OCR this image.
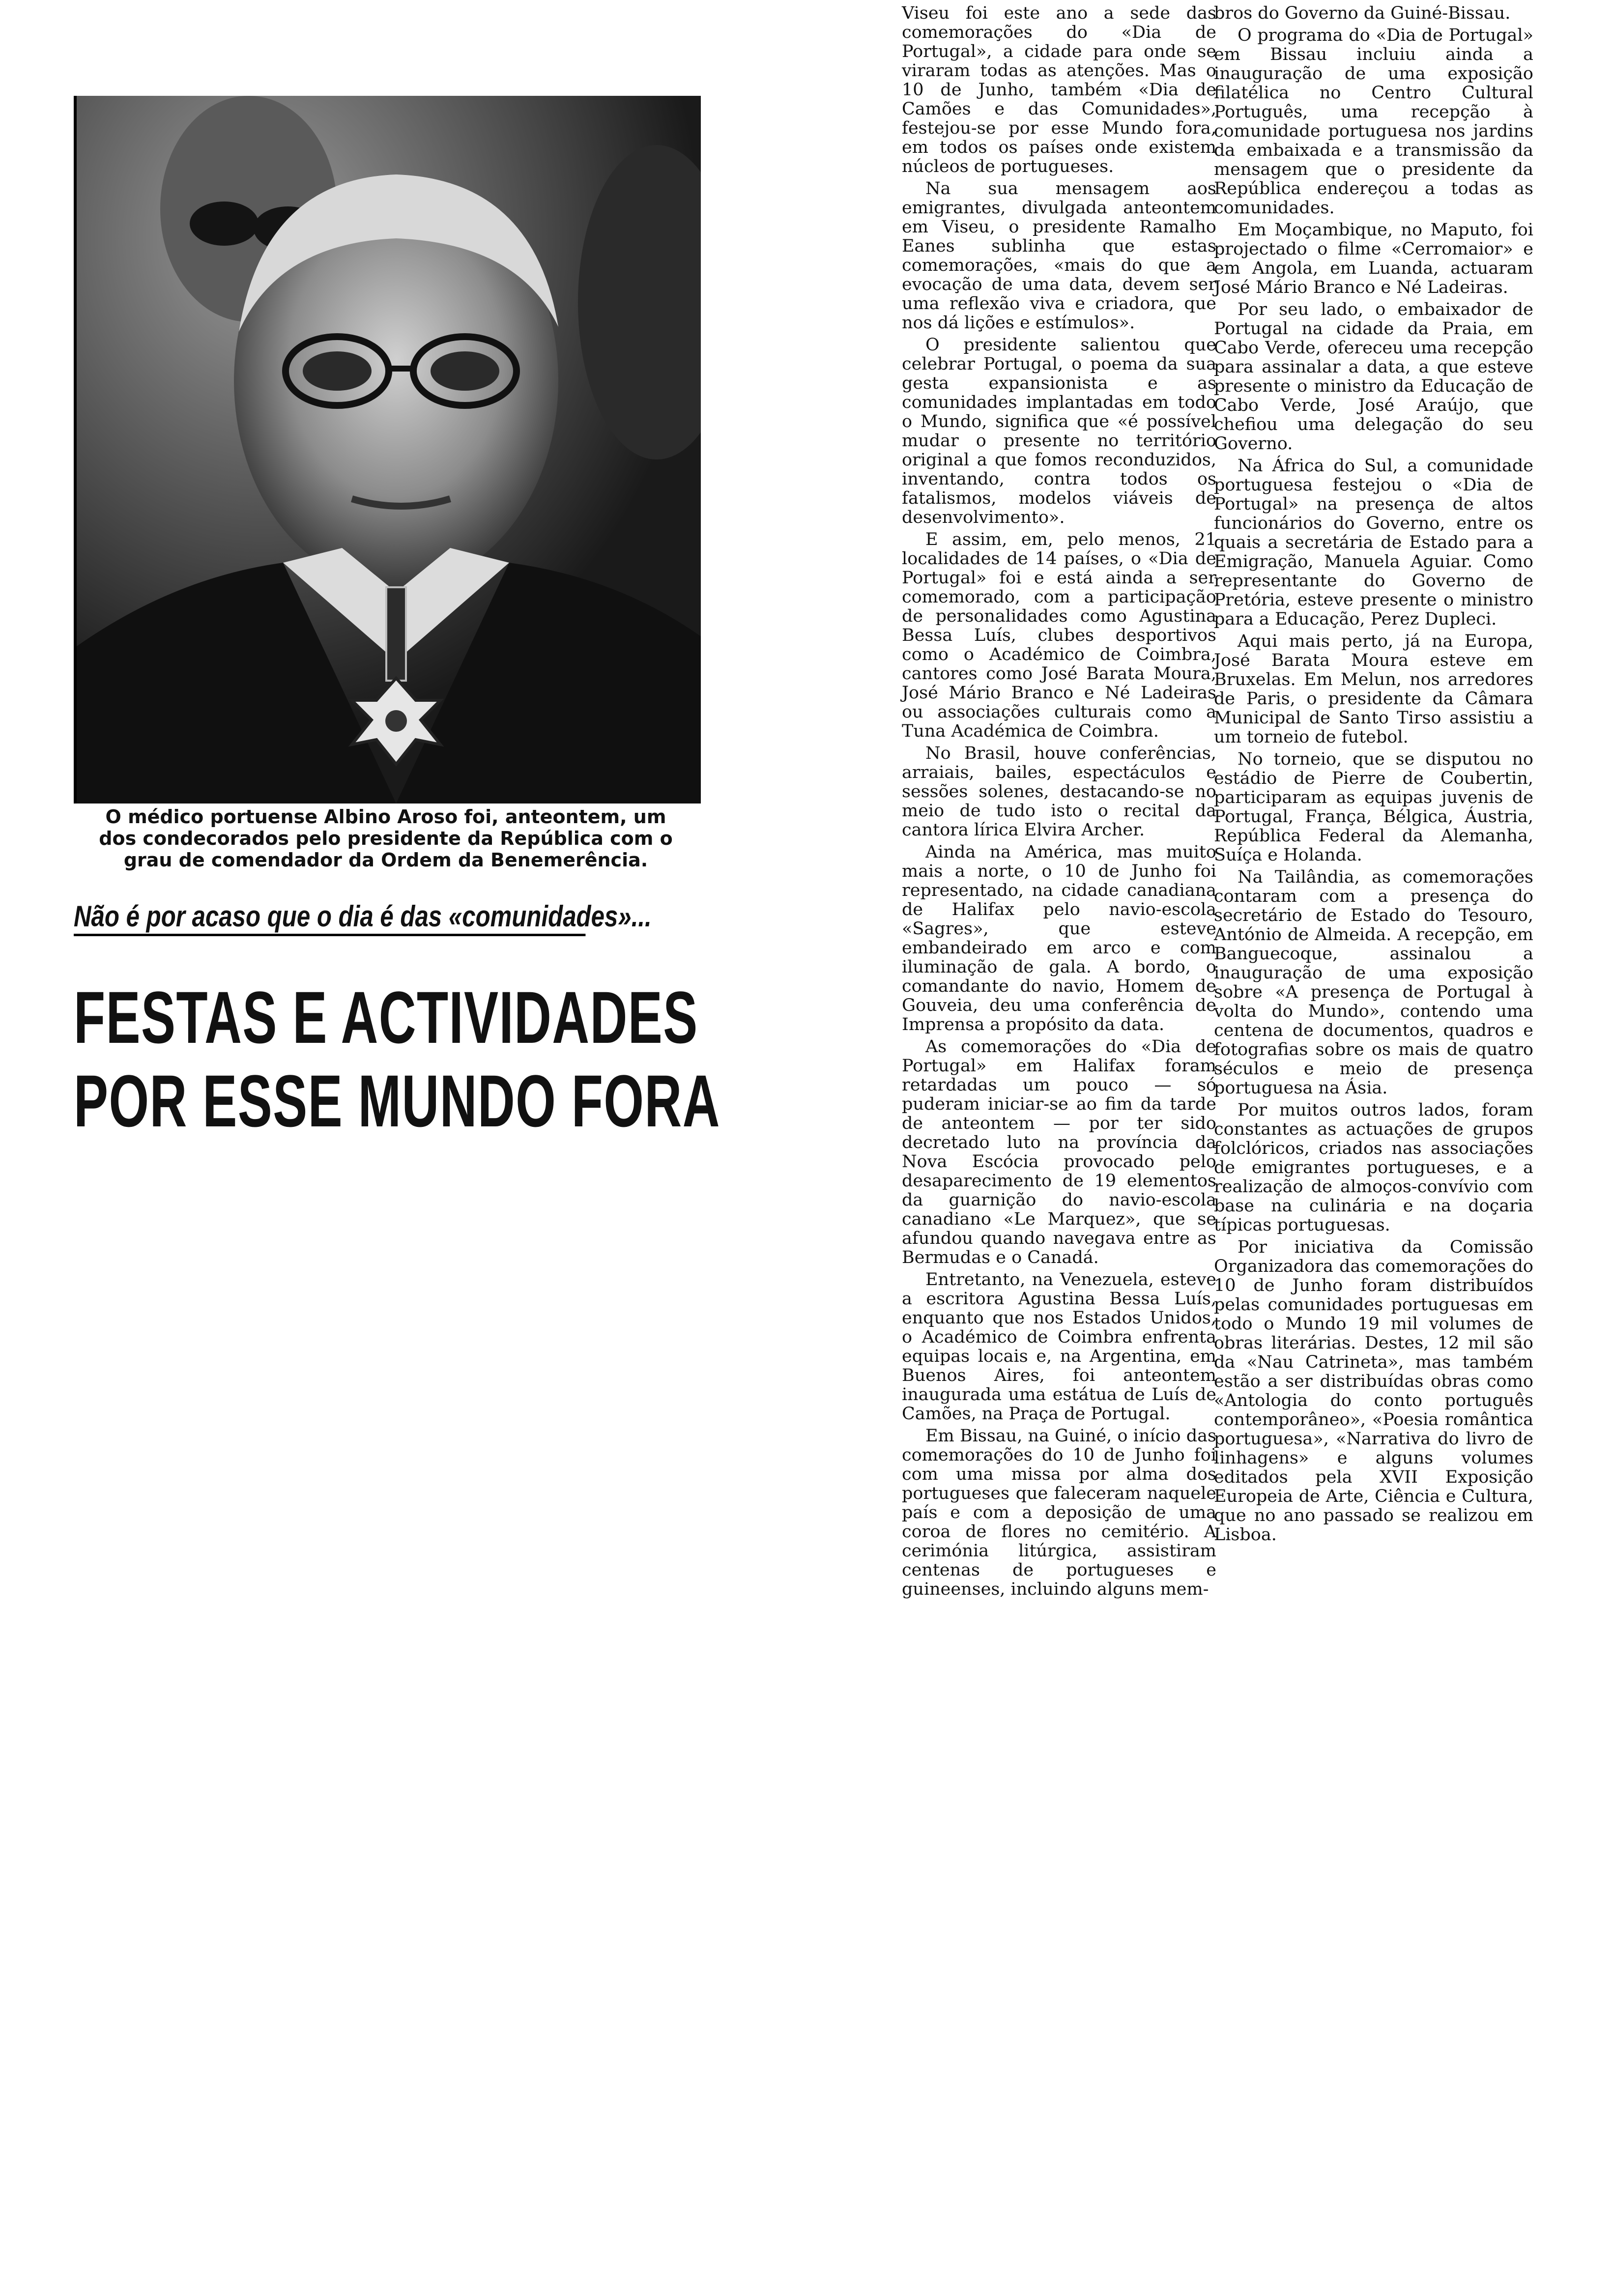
O médico portuense Albino Aroso foi, anteontem, um dos condecorados pelo presidente da República com o grau de comendador da Ordem da Benemerência.
Não é por acaso que o dia é das «comunidades»...
FESTAS E ACTIVIDADES
POR ESSE MUNDO FORA

Viseu foi este ano a sede das comemorações do «Dia de Portugal», a cidade para onde se viraram todas as atenções. Mas o 10 de Junho, também «Dia de Camões e das Comunidades», festejou-se por esse Mundo fora, em todos os países onde existem núcleos de portugueses.

Na sua mensagem aos emigrantes, divulgada anteontem em Viseu, o presidente Ramalho Eanes sublinha que estas comemorações, «mais do que a evocação de uma data, devem ser uma reflexão viva e criadora, que nos dá lições e estímulos».

O presidente salientou que celebrar Portugal, o poema da sua gesta expansionista e as comunidades implantadas em todo o Mundo, significa que «é possível mudar o presente no território original a que fomos reconduzidos, inventando, contra todos os fatalismos, modelos viáveis de desenvolvimento».

E assim, em, pelo menos, 21 localidades de 14 países, o «Dia de Portugal» foi e está ainda a ser comemorado, com a participação de personalidades como Agustina Bessa Luís, clubes desportivos como o Académico de Coimbra, cantores como José Barata Moura, José Mário Branco e Né Ladeiras ou associações culturais como a Tuna Académica de Coimbra.

No Brasil, houve conferências, arraiais, bailes, espectáculos e sessões solenes, destacando-se no meio de tudo isto o recital da cantora lírica Elvira Archer.

Ainda na América, mas muito mais a norte, o 10 de Junho foi representado, na cidade canadiana de Halifax pelo navio-escola «Sagres», que esteve embandeirado em arco e com iluminação de gala. A bordo, o comandante do navio, Homem de Gouveia, deu uma conferência de Imprensa a propósito da data.

As comemorações do «Dia de Portugal» em Halifax foram retardadas um pouco — só puderam iniciar-se ao fim da tarde de anteontem — por ter sido decretado luto na província da Nova Escócia provocado pelo desaparecimento de 19 elementos da guarnição do navio-escola canadiano «Le Marquez», que se afundou quando navegava entre as Bermudas e o Canadá.

Entretanto, na Venezuela, esteve a escritora Agustina Bessa Luís, enquanto que nos Estados Unidos, o Académico de Coimbra enfrenta equipas locais e, na Argentina, em Buenos Aires, foi anteontem inaugurada uma estátua de Luís de Camões, na Praça de Portugal.

Em Bissau, na Guiné, o início das comemorações do 10 de Junho foi com uma missa por alma dos portugueses que faleceram naquele país e com a deposição de uma coroa de flores no cemitério. A cerimónia litúrgica, assistiram centenas de portugueses e guineenses, incluindo alguns mem-

bros do Governo da Guiné-Bissau.

O programa do «Dia de Portugal» em Bissau incluiu ainda a inauguração de uma exposição filatélica no Centro Cultural Português, uma recepção à comunidade portuguesa nos jardins da embaixada e a transmissão da mensagem que o presidente da República endereçou a todas as comunidades.

Em Moçambique, no Maputo, foi projectado o filme «Cerromaior» e em Angola, em Luanda, actuaram José Mário Branco e Né Ladeiras.

Por seu lado, o embaixador de Portugal na cidade da Praia, em Cabo Verde, ofereceu uma recepção para assinalar a data, a que esteve presente o ministro da Educação de Cabo Verde, José Araújo, que chefiou uma delegação do seu Governo.

Na África do Sul, a comunidade portuguesa festejou o «Dia de Portugal» na presença de altos funcionários do Governo, entre os quais a secretária de Estado para a Emigração, Manuela Aguiar. Como representante do Governo de Pretória, esteve presente o ministro para a Educação, Perez Dupleci.

Aqui mais perto, já na Europa, José Barata Moura esteve em Bruxelas. Em Melun, nos arredores de Paris, o presidente da Câmara Municipal de Santo Tirso assistiu a um torneio de futebol.

No torneio, que se disputou no estádio de Pierre de Coubertin, participaram as equipas juvenis de Portugal, França, Bélgica, Áustria, República Federal da Alemanha, Suíça e Holanda.

Na Tailândia, as comemorações contaram com a presença do secretário de Estado do Tesouro, António de Almeida. A recepção, em Banguecoque, assinalou a inauguração de uma exposição sobre «A presença de Portugal à volta do Mundo», contendo uma centena de documentos, quadros e fotografias sobre os mais de quatro séculos e meio de presença portuguesa na Ásia.

Por muitos outros lados, foram constantes as actuações de grupos folclóricos, criados nas associações de emigrantes portugueses, e a realização de almoços-convívio com base na culinária e na doçaria típicas portuguesas.

Por iniciativa da Comissão Organizadora das comemorações do 10 de Junho foram distribuídos pelas comunidades portuguesas em todo o Mundo 19 mil volumes de obras literárias. Destes, 12 mil são da «Nau Catrineta», mas também estão a ser distribuídas obras como «Antologia do conto português contemporâneo», «Poesia romântica portuguesa», «Narrativa do livro de linhagens» e alguns volumes editados pela XVII Exposição Europeia de Arte, Ciência e Cultura, que no ano passado se realizou em Lisboa.
